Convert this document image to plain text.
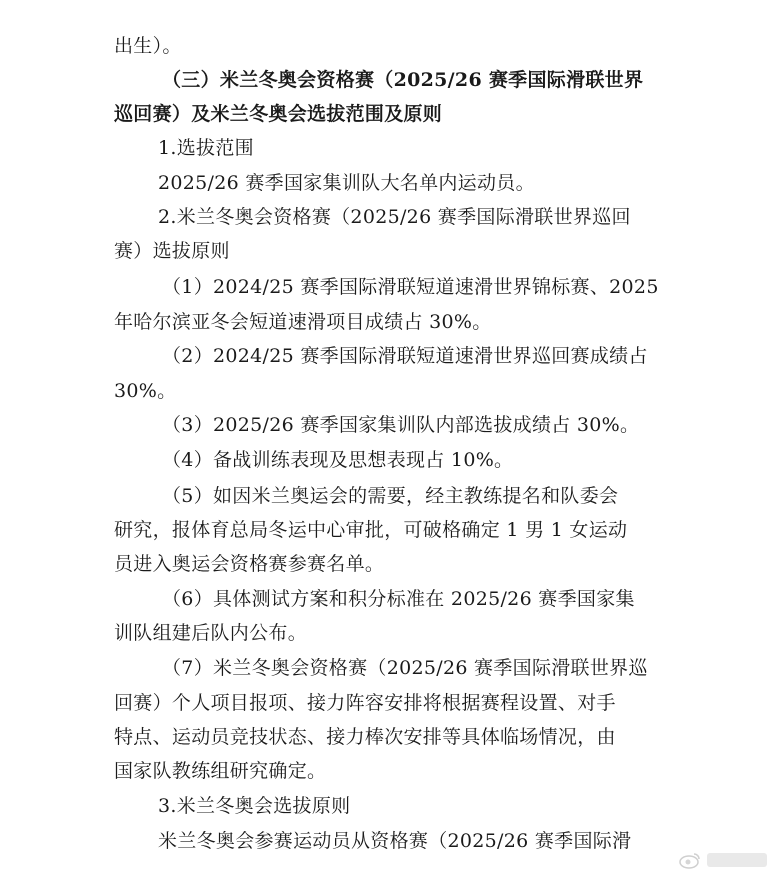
出生）。
（三）米兰冬奥会资格赛（2025/26 赛季国际滑联世界
巡回赛）及米兰冬奥会选拔范围及原则
1.选拔范围
2025/26 赛季国家集训队大名单内运动员。
2.米兰冬奥会资格赛（2025/26 赛季国际滑联世界巡回
赛）选拔原则
（1）2024/25 赛季国际滑联短道速滑世界锦标赛、2025
年哈尔滨亚冬会短道速滑项目成绩占 30%。
（2）2024/25 赛季国际滑联短道速滑世界巡回赛成绩占
30%。
（3）2025/26 赛季国家集训队内部选拔成绩占 30%。
（4）备战训练表现及思想表现占 10%。
（5）如因米兰奥运会的需要，经主教练提名和队委会
研究，报体育总局冬运中心审批，可破格确定 1 男 1 女运动
员进入奥运会资格赛参赛名单。
（6）具体测试方案和积分标准在 2025/26 赛季国家集
训队组建后队内公布。
（7）米兰冬奥会资格赛（2025/26 赛季国际滑联世界巡
回赛）个人项目报项、接力阵容安排将根据赛程设置、对手
特点、运动员竞技状态、接力棒次安排等具体临场情况，由
国家队教练组研究确定。
3.米兰冬奥会选拔原则
米兰冬奥会参赛运动员从资格赛（2025/26 赛季国际滑
